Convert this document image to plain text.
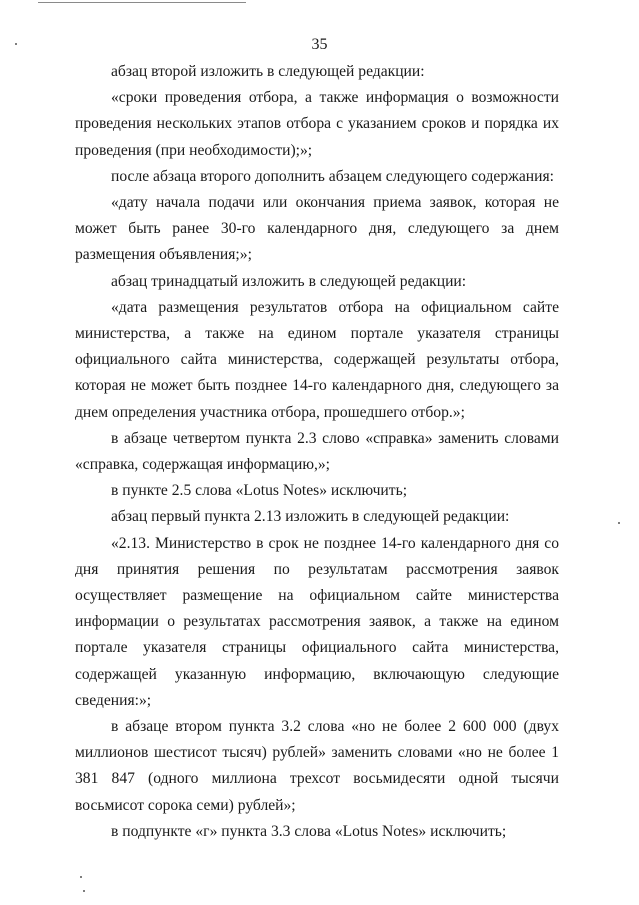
35

абзац второй изложить в следующей редакции:

«сроки проведения отбора, а также информация о возможности проведения нескольких этапов отбора с указанием сроков и порядка их проведения (при необходимости);»;

после абзаца второго дополнить абзацем следующего содержания:

«дату начала подачи или окончания приема заявок, которая не может быть ранее 30-го календарного дня, следующего за днем размещения объявления;»;

абзац тринадцатый изложить в следующей редакции:

«дата размещения результатов отбора на официальном сайте министерства, а также на едином портале указателя страницы официального сайта министерства, содержащей результаты отбора, которая не может быть позднее 14-го календарного дня, следующего за днем определения участника отбора, прошедшего отбор.»;

в абзаце четвертом пункта 2.3 слово «справка» заменить словами «справка, содержащая информацию,»;

в пункте 2.5 слова «Lotus Notes» исключить;

абзац первый пункта 2.13 изложить в следующей редакции:

«2.13. Министерство в срок не позднее 14-го календарного дня со дня принятия решения по результатам рассмотрения заявок осуществляет размещение на официальном сайте министерства информации о результатах рассмотрения заявок, а также на едином портале указателя страницы официального сайта министерства, содержащей указанную информацию, включающую следующие сведения:»;

в абзаце втором пункта 3.2 слова «но не более 2 600 000 (двух миллионов шестисот тысяч) рублей» заменить словами «но не более 1 381 847 (одного миллиона трехсот восьмидесяти одной тысячи восьмисот сорока семи) рублей»;

в подпункте «г» пункта 3.3 слова «Lotus Notes» исключить;
